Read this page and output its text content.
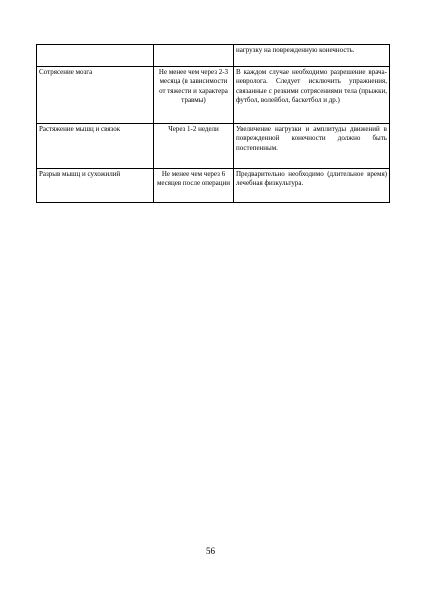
		нагрузку на поврежденную конечность.
Сотрясение мозга	Не менее чем через 2-3 месяца (в зависимости от тяжести и характера травмы)	В каждом случае необходимо разрешение врача-невролога. Следует исключить упражнения, связанные с резкими сотрясениями тела (прыжки, футбол, волейбол, баскетбол и др.)
Растяжение мышц и связок	Через 1-2 недели	Увеличение нагрузки и амплитуды движений в поврежденной конечности должно быть постепенным.
Разрыв мышц и сухожилий	Не менее чем через 6 месяцев после операции	Предварительно необходимо (длительное время) лечебная физкультура.
56
